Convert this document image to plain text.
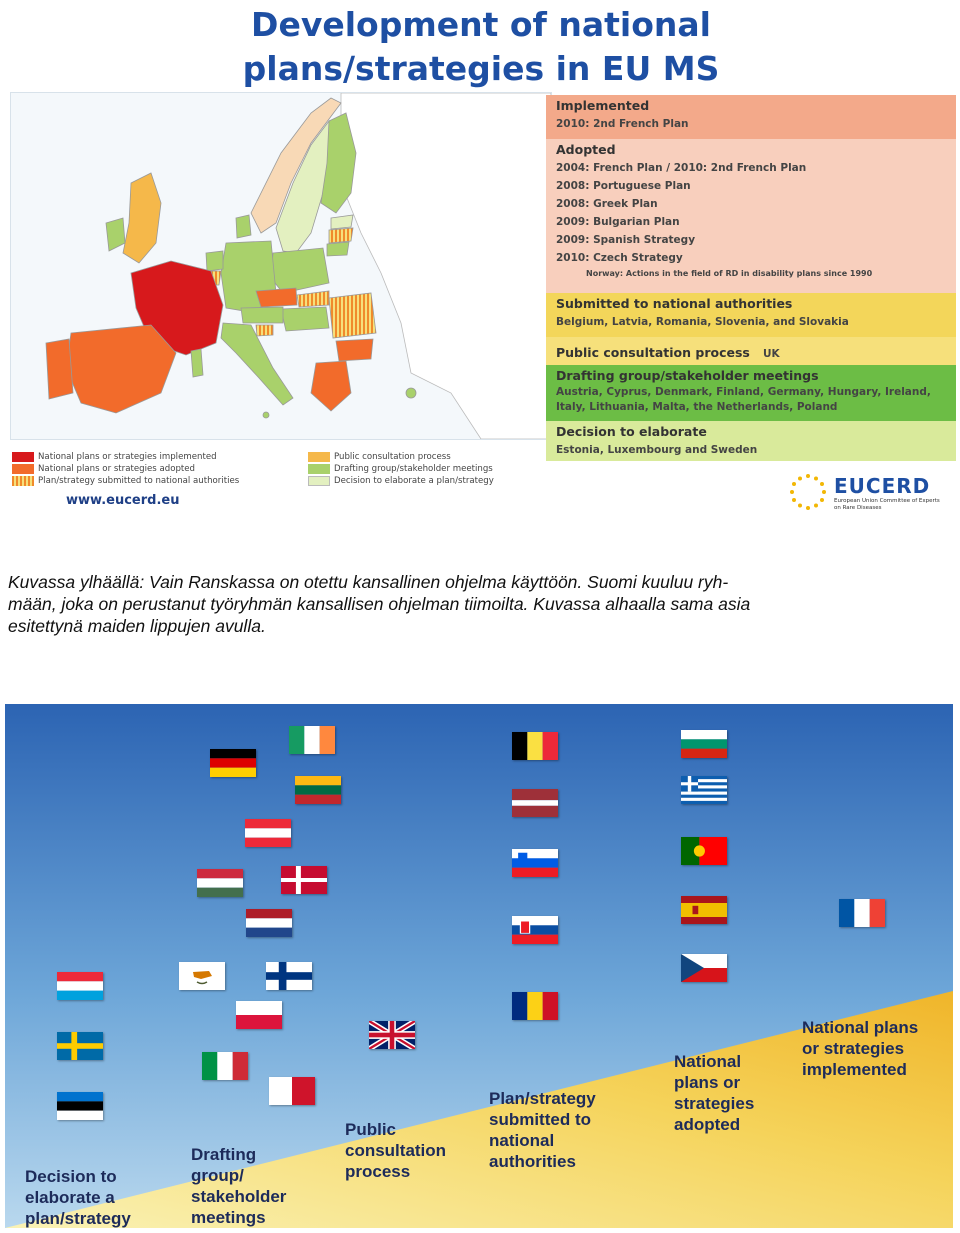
Development of national
plans/strategies in EU MS
Implemented
2010: 2nd French Plan
Adopted
2004: French Plan / 2010: 2nd French Plan
2008: Portuguese Plan
2008: Greek Plan
2009: Bulgarian Plan
2009: Spanish Strategy
2010: Czech Strategy
Norway: Actions in the field of RD in disability plans since 1990
Submitted to national authorities
Belgium, Latvia, Romania, Slovenia, and Slovakia
Public consultation process UK
Drafting group/stakeholder meetings
Austria, Cyprus, Denmark, Finland, Germany, Hungary, Ireland,
Italy, Lithuania, Malta, the Netherlands, Poland
Decision to elaborate
Estonia, Luxembourg and Sweden
National plans or strategies implemented
National plans or strategies adopted
Plan/strategy submitted to national authorities
Public consultation process
Drafting group/stakeholder meetings
Decision to elaborate a plan/strategy
www.eucerd.eu
EUCERD
European Union Committee of Experts on Rare Diseases
Kuvassa ylhäällä: Vain Ranskassa on otettu kansallinen ohjelma käyttöön. Suomi kuuluu ryh-
mään, joka on perustanut työryhmän kansallisen ohjelman tiimoilta. Kuvassa alhaalla sama asia
esitettynä maiden lippujen avulla.
Decision to
elaborate a
plan/strategy
Drafting
group/
stakeholder
meetings
Public
consultation
process
Plan/strategy
submitted to
national
authorities
National
plans or
strategies
adopted
National plans
or strategies
implemented
